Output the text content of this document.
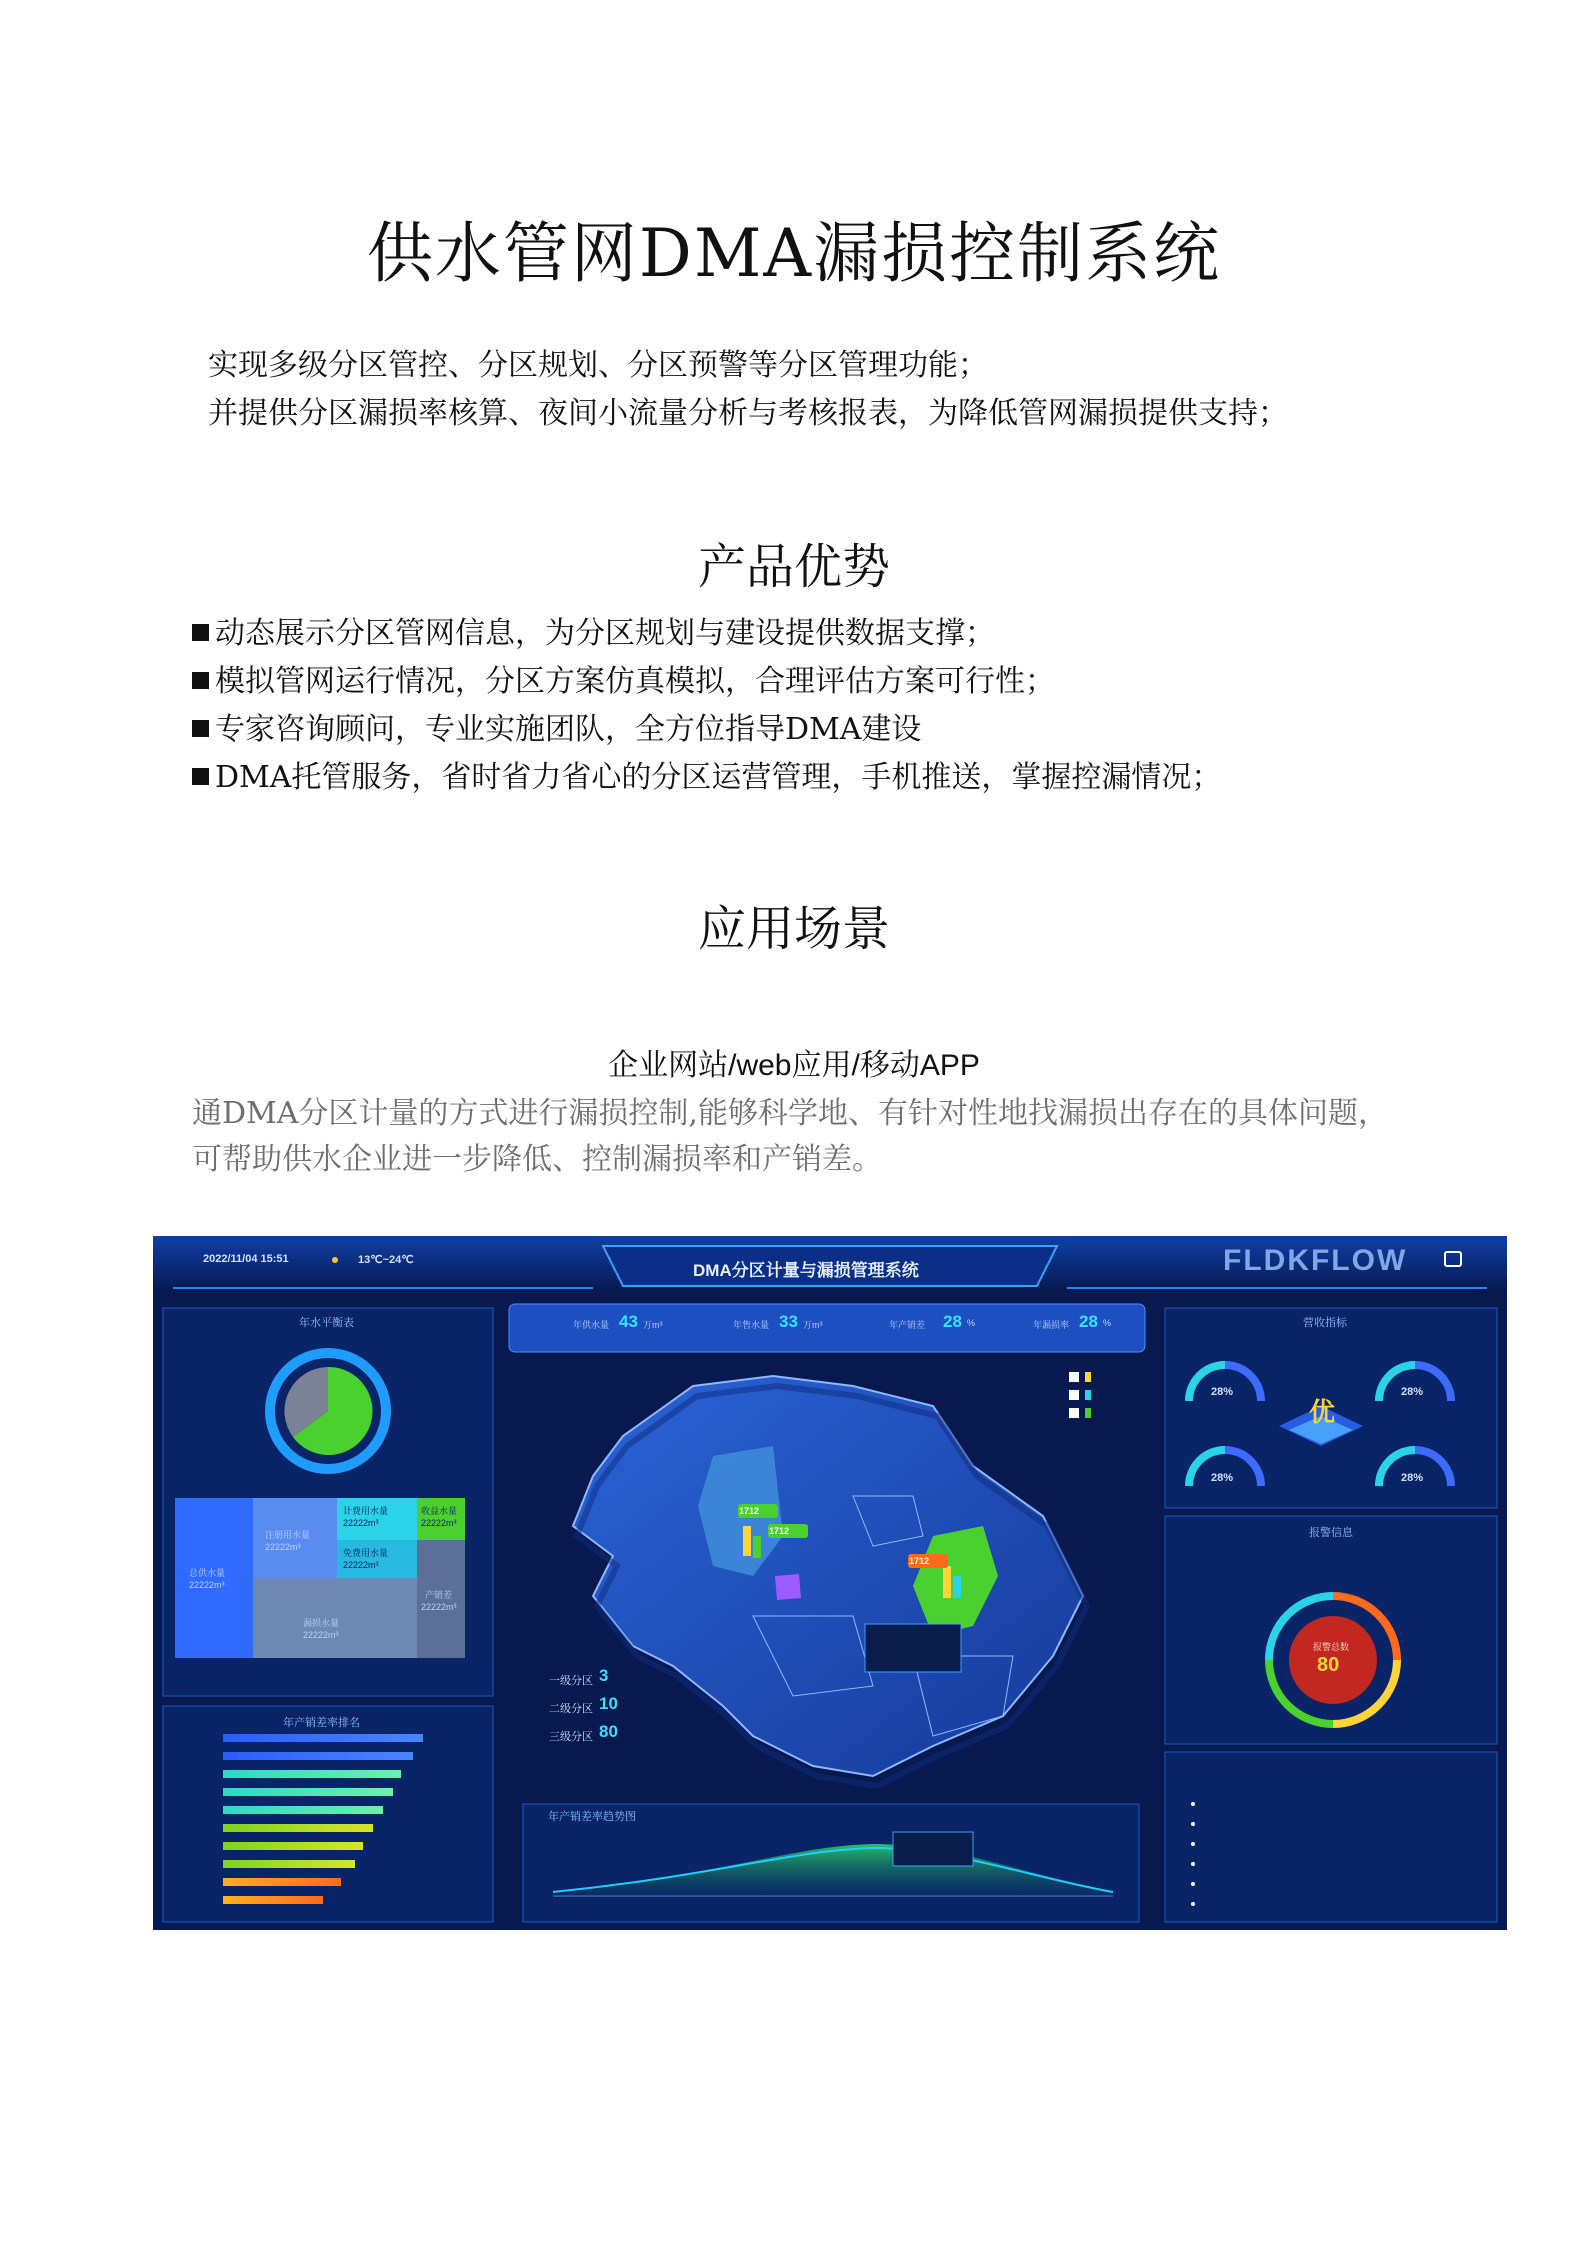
供水管网DMA漏损控制系统
实现多级分区管控、分区规划、分区预警等分区管理功能；
并提供分区漏损率核算、夜间小流量分析与考核报表，为降低管网漏损提供支持；
产品优势
动态展示分区管网信息，为分区规划与建设提供数据支撑；
模拟管网运行情况，分区方案仿真模拟，合理评估方案可行性；
专家咨询顾问，专业实施团队，全方位指导DMA建设
DMA托管服务，省时省力省心的分区运营管理，手机推送，掌握控漏情况；
应用场景
企业网站/web应用/移动APP
通DMA分区计量的方式进行漏损控制,能够科学地、有针对性地找漏损出存在的具体问题，
可帮助供水企业进一步降低、控制漏损率和产销差。
2022/11/04 15:51	13℃~24℃
DMA分区计量与漏损管理系统	FLDKFLOW
年水平衡表
年产销差率排名
营收指标
报警信息
年产销差率趋势图
年供水量 43 万m³	年售水量 33 万m³	年产销差 28 %	年漏损率 28 %
总供水量
22222m³
注册用水量
22222m³
计费用水量
22222m³
收益水量
22222m³
免费用水量
22222m³
漏损水量
22222m³
产销差
22222m³
1712
1712
1712
一级分区 3
二级分区 10
三级分区 80
28%	28%
28%	28%
优
报警总数
80
